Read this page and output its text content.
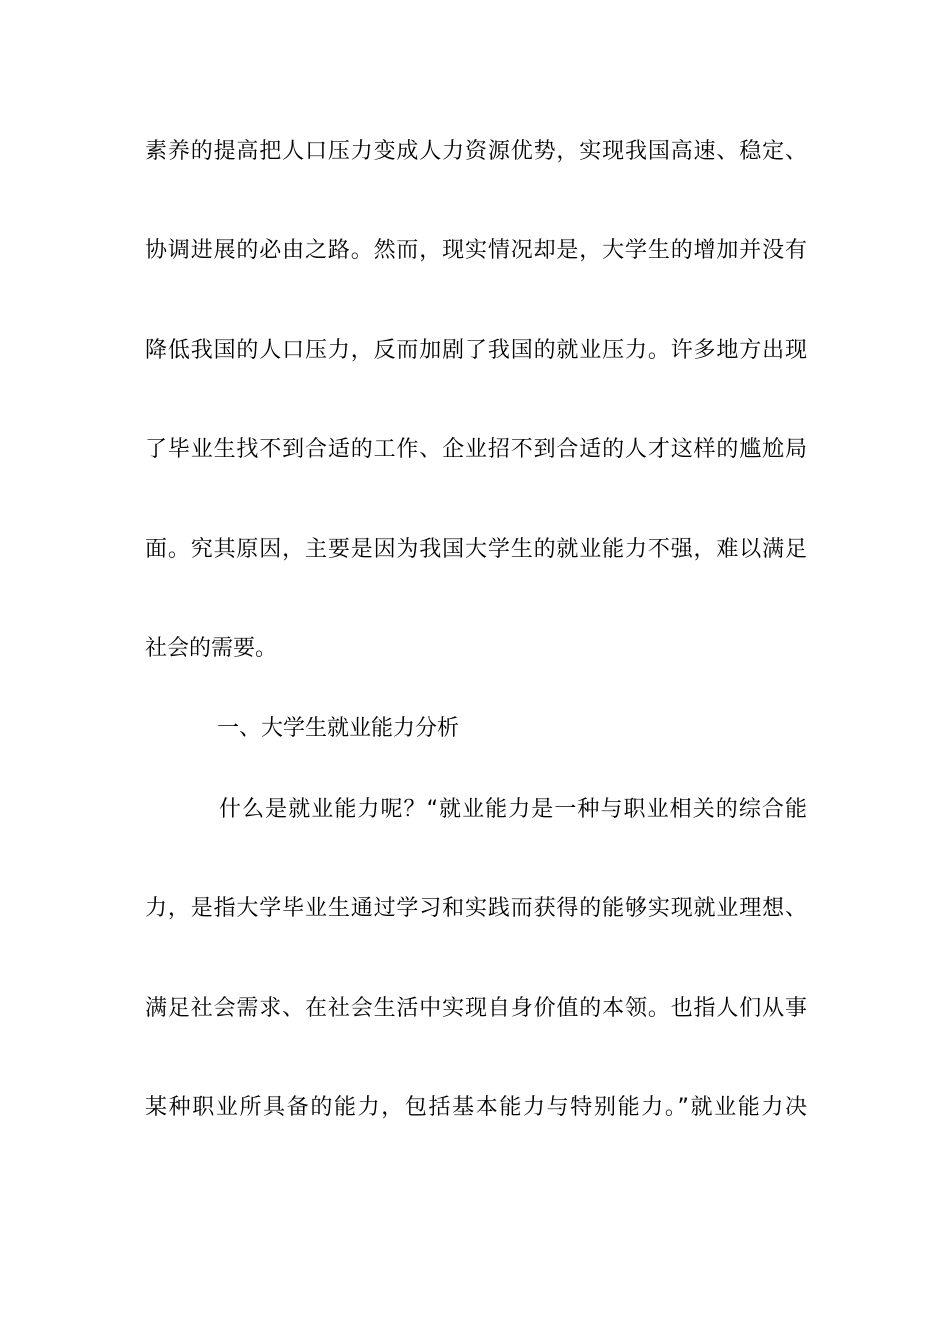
素养的提高把人口压力变成人力资源优势，实现我国高速、稳定、
协调进展的必由之路。然而，现实情况却是，大学生的增加并没有
降低我国的人口压力，反而加剧了我国的就业压力。许多地方出现
了毕业生找不到合适的工作、企业招不到合适的人才这样的尴尬局
面。究其原因，主要是因为我国大学生的就业能力不强，难以满足
社会的需要。
一、大学生就业能力分析
什么是就业能力呢？“就业能力是一种与职业相关的综合能
力，是指大学毕业生通过学习和实践而获得的能够实现就业理想、
满足社会需求、在社会生活中实现自身价值的本领。也指人们从事
某种职业所具备的能力，包括基本能力与特别能力。”就业能力决
